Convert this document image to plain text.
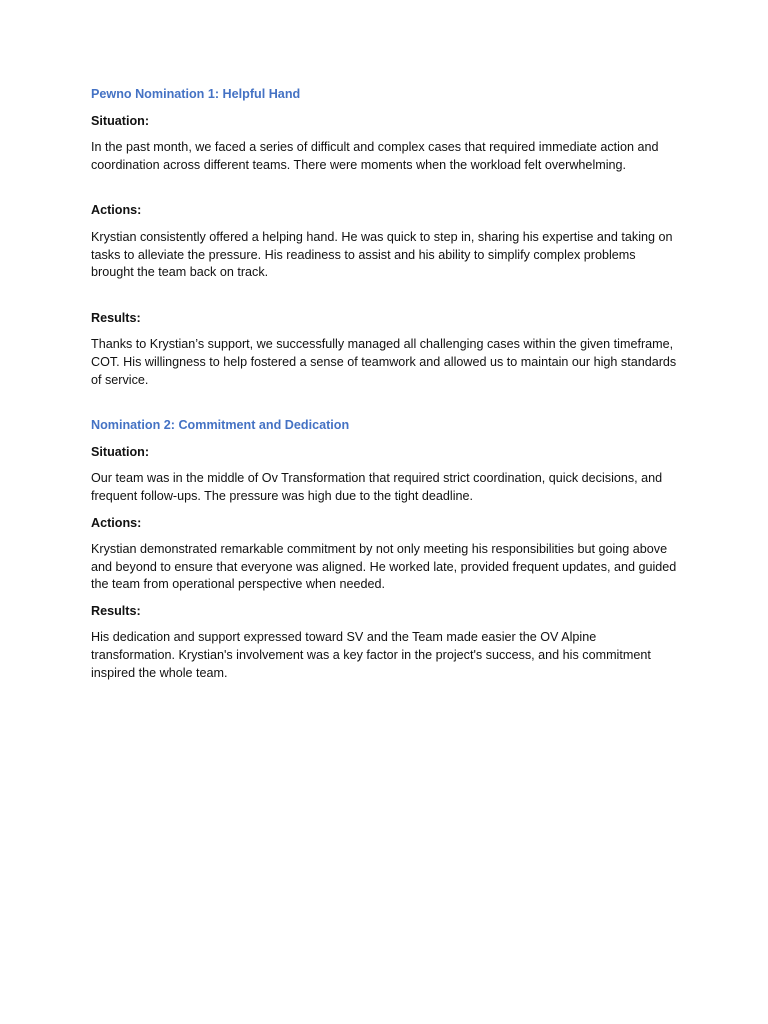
Pewno Nomination 1: Helpful Hand
Situation:
In the past month, we faced a series of difficult and complex cases that required immediate action and coordination across different teams. There were moments when the workload felt overwhelming.
Actions:
Krystian consistently offered a helping hand. He was quick to step in, sharing his expertise and taking on tasks to alleviate the pressure. His readiness to assist and his ability to simplify complex problems brought the team back on track.
Results:
Thanks to Krystian’s support, we successfully managed all challenging cases within the given timeframe, COT. His willingness to help fostered a sense of teamwork and allowed us to maintain our high standards of service.
Nomination 2: Commitment and Dedication
Situation:
Our team was in the middle of Ov Transformation that required strict coordination, quick decisions, and frequent follow-ups. The pressure was high due to the tight deadline.
Actions:
Krystian demonstrated remarkable commitment by not only meeting his responsibilities but going above and beyond to ensure that everyone was aligned. He worked late, provided frequent updates, and guided the team from operational perspective when needed.
Results:
His dedication and support expressed toward SV and the Team made easier the OV Alpine transformation. Krystian's involvement was a key factor in the project's success, and his commitment inspired the whole team.
